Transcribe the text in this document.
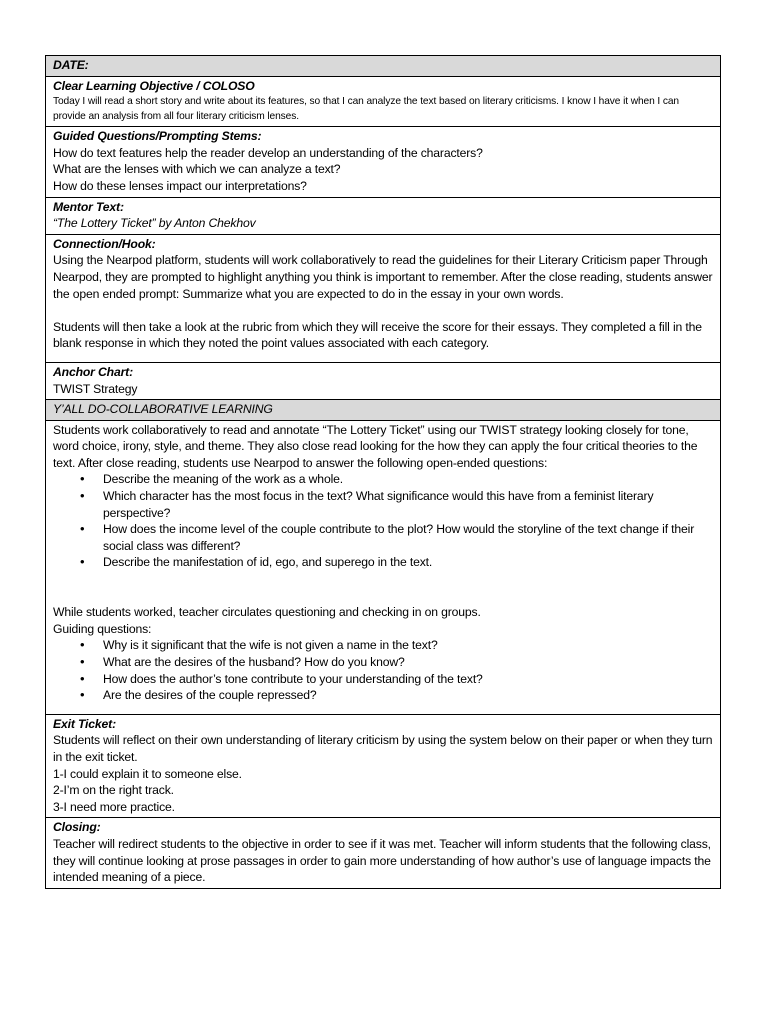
DATE:

Clear Learning Objective / COLOSO
Today I will read a short story and write about its features, so that I can analyze the text based on literary criticisms. I know I have it when I can provide an analysis from all four literary criticism lenses.

Guided Questions/Prompting Stems:
How do text features help the reader develop an understanding of the characters?
What are the lenses with which we can analyze a text?
How do these lenses impact our interpretations?

Mentor Text:
“The Lottery Ticket” by Anton Chekhov

Connection/Hook:
Using the Nearpod platform, students will work collaboratively to read the guidelines for their Literary Criticism paper Through Nearpod, they are prompted to highlight anything you think is important to remember. After the close reading, students answer the open ended prompt: Summarize what you are expected to do in the essay in your own words.
Students will then take a look at the rubric from which they will receive the score for their essays. They completed a fill in the blank response in which they noted the point values associated with each category.

Anchor Chart:
TWIST Strategy

Y’ALL DO-COLLABORATIVE LEARNING

Students work collaboratively to read and annotate “The Lottery Ticket” using our TWIST strategy looking closely for tone, word choice, irony, style, and theme. They also close read looking for the how they can apply the four critical theories to the text. After close reading, students use Nearpod to answer the following open-ended questions:
• Describe the meaning of the work as a whole.
• Which character has the most focus in the text? What significance would this have from a feminist literary perspective?
• How does the income level of the couple contribute to the plot? How would the storyline of the text change if their social class was different?
• Describe the manifestation of id, ego, and superego in the text.
While students worked, teacher circulates questioning and checking in on groups.
Guiding questions:
• Why is it significant that the wife is not given a name in the text?
• What are the desires of the husband? How do you know?
• How does the author’s tone contribute to your understanding of the text?
• Are the desires of the couple repressed?

Exit Ticket:
Students will reflect on their own understanding of literary criticism by using the system below on their paper or when they turn in the exit ticket.
1-I could explain it to someone else.
2-I’m on the right track.
3-I need more practice.

Closing:
Teacher will redirect students to the objective in order to see if it was met. Teacher will inform students that the following class, they will continue looking at prose passages in order to gain more understanding of how author’s use of language impacts the intended meaning of a piece.
